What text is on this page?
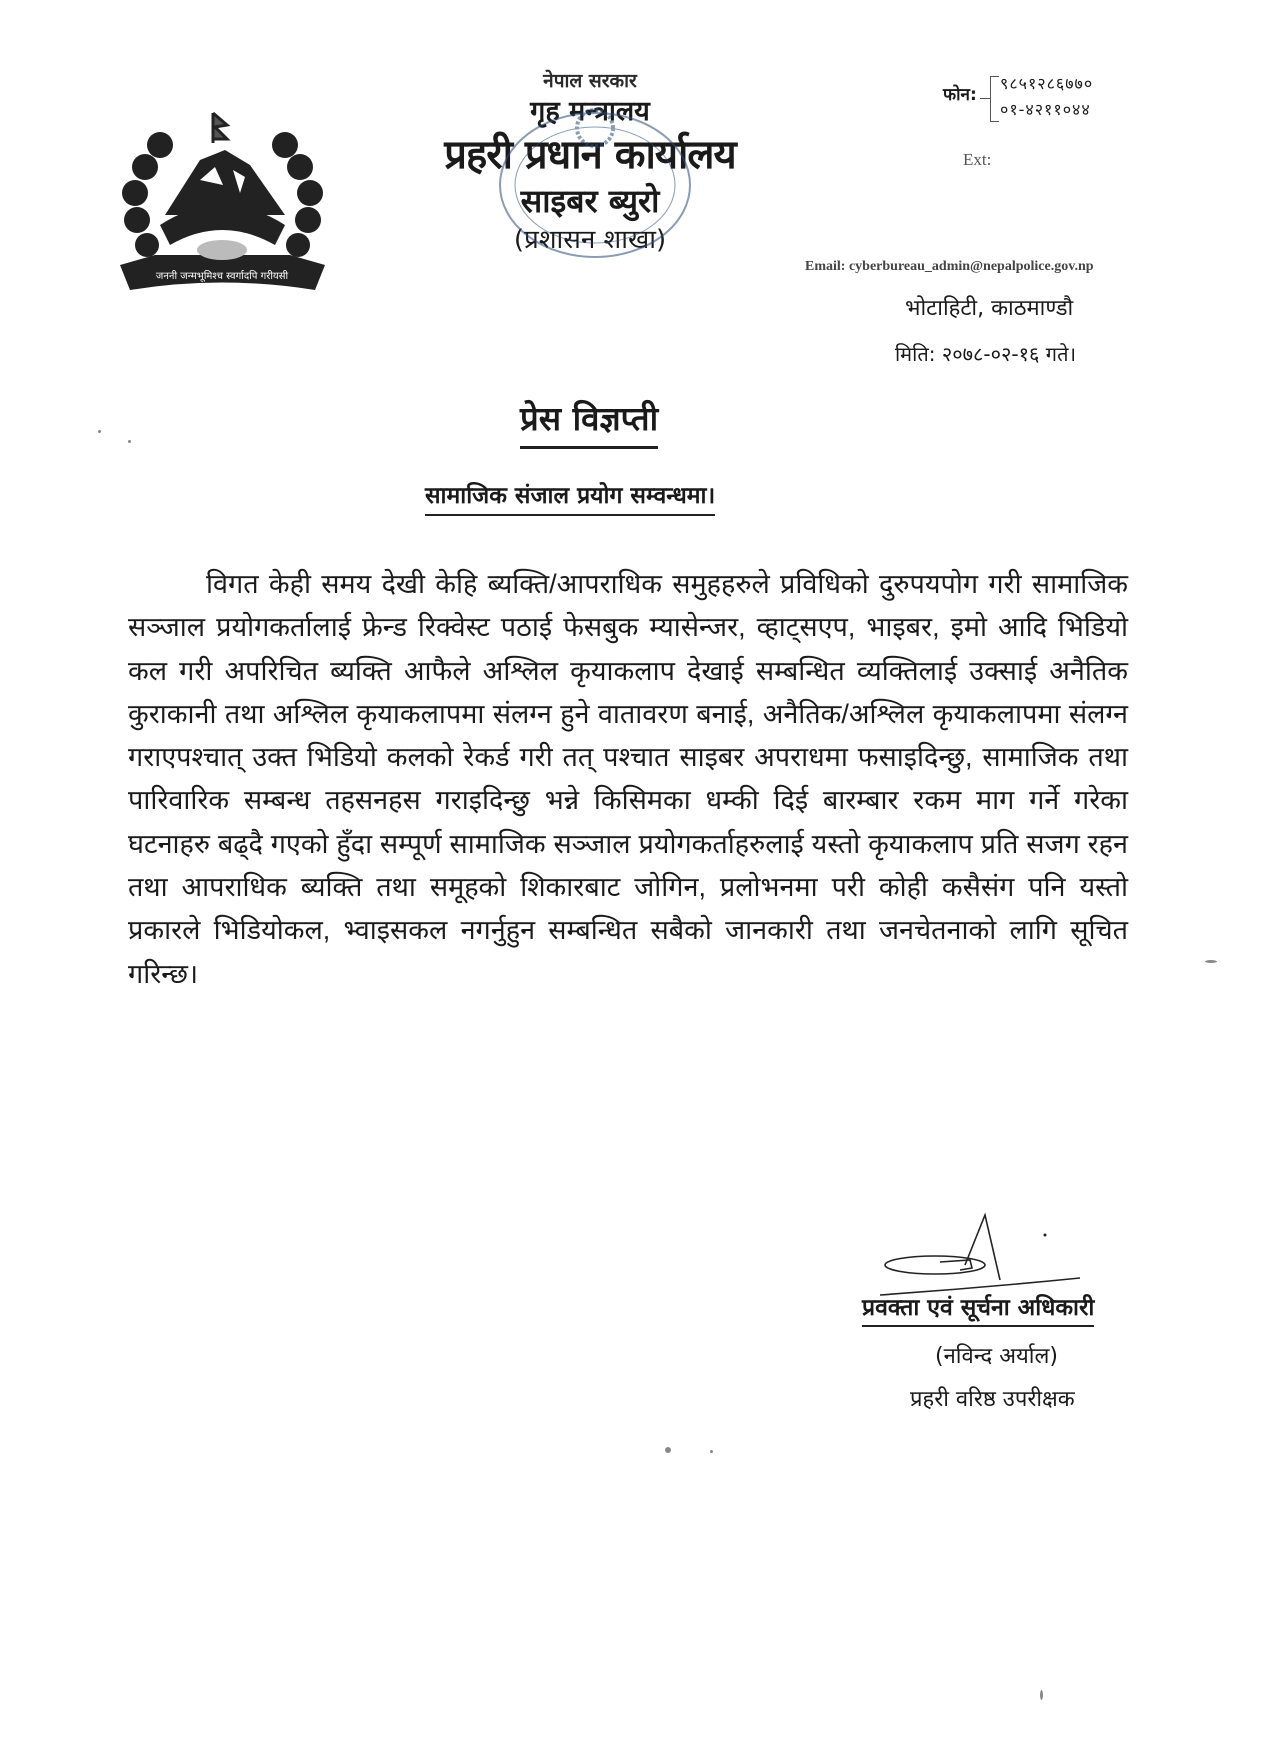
जननी जन्मभूमिश्च स्वर्गादपि गरीयसी
नेपाल सरकार
गृह मन्त्रालय
प्रहरी प्रधान कार्यालय
साइबर ब्युरो
(प्रशासन शाखा)
फोन:
९८५१२८६७७०
०१-४२११०४४
Ext:
Email: cyberbureau_admin@nepalpolice.gov.np
भोटाहिटी, काठमाण्डौ
मिति: २०७८-०२-१६ गते।
प्रेस विज्ञप्ती
सामाजिक संजाल प्रयोग सम्वन्धमा।
विगत केही समय देखी केहि ब्यक्ति/आपराधिक समुहहरुले प्रविधिको दुरुपयपोग गरी सामाजिक सञ्जाल प्रयोगकर्तालाई फ्रेन्ड रिक्वेस्ट पठाई फेसबुक म्यासेन्जर, व्हाट्सएप, भाइबर, इमो आदि भिडियो कल गरी अपरिचित ब्यक्ति आफैले अश्लिल कृयाकलाप देखाई सम्बन्धित व्यक्तिलाई उक्साई अनैतिक कुराकानी तथा अश्लिल कृयाकलापमा संलग्न हुने वातावरण बनाई, अनैतिक/अश्लिल कृयाकलापमा संलग्न गराएपश्चात् उक्त भिडियो कलको रेकर्ड गरी तत् पश्चात साइबर अपराधमा फसाइदिन्छु, सामाजिक तथा पारिवारिक सम्बन्ध तहसनहस गराइदिन्छु भन्ने किसिमका धम्की दिई बारम्बार रकम माग गर्ने गरेका घटनाहरु बढ्दै गएको हुँदा सम्पूर्ण सामाजिक सञ्जाल प्रयोगकर्ताहरुलाई यस्तो कृयाकलाप प्रति सजग रहन तथा आपराधिक ब्यक्ति तथा समूहको शिकारबाट जोगिन, प्रलोभनमा परी कोही कसैसंग पनि यस्तो प्रकारले भिडियोकल, भ्वाइसकल नगर्नुहुन सम्बन्धित सबैको जानकारी तथा जनचेतनाको लागि सूचित गरिन्छ।
प्रवक्ता एवं सूर्चना अधिकारी
(नविन्द अर्याल)
प्रहरी वरिष्ठ उपरीक्षक
